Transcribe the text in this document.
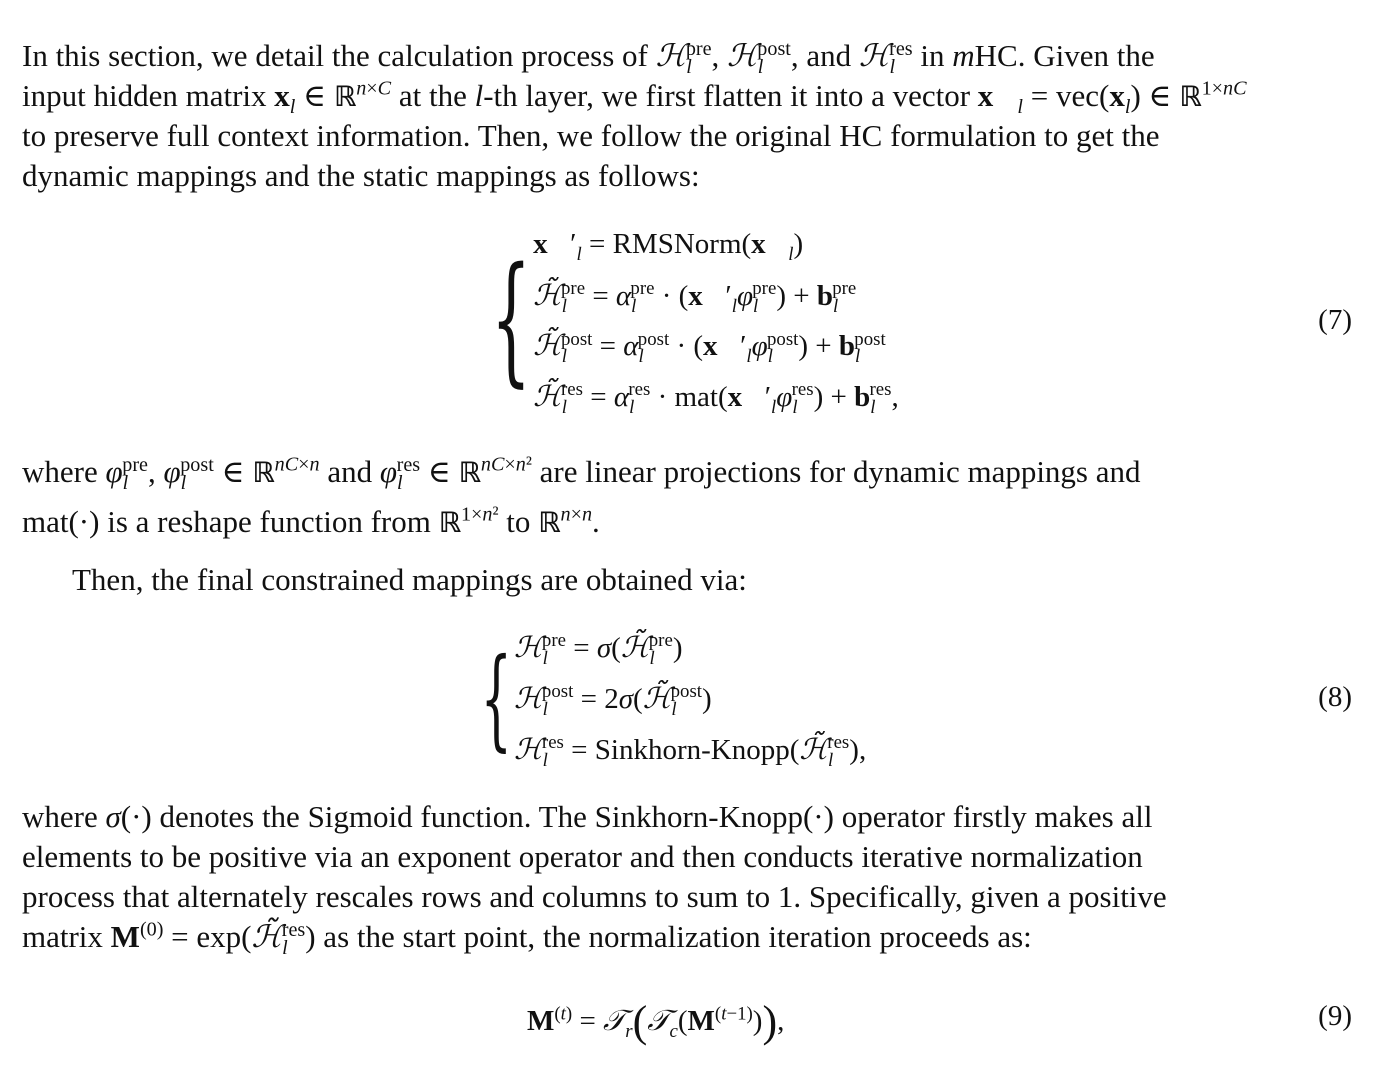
In this section, we detail the calculation process of ℋ$_l^{pre}$, ℋ$_l^{post}$, and ℋ$_l^{res}$ in mHC. Given the
input hidden matrix $x_l$ ∈ ℝ$^{n\times C}$ at the l-th layer, we first flatten it into a vector $x⃗_l = vec(x_l)$ ∈ ℝ$^{1\times nC}$
to preserve full context information. Then, we follow the original HC formulation to get the
dynamic mappings and the static mappings as follows:
{ $x⃗'_l$ = $RMSNorm(x⃗_l)$
$ℋ̃_l^{pre} = \alpha_l^{pre}$ · $(x⃗'_l\varphi_l^{pre}) + b_l^{pre}$
$ℋ̃_l^{post} = \alpha_l^{post}$ · $(x⃗'_l\varphi_l^{post}) + b_l^{post}$
$ℋ̃_l^{res} = \alpha_l^{res}$ · $mat(x⃗'_l\varphi_l^{res}) + b_l^{res}$,
(7)
where $\varphi_l^{pre}$, $\varphi_l^{post}$ ∈ ℝ$^{nC\times n}$ and $\varphi_l^{res}$ ∈ ℝ$^{nC\times n^2}$ are linear projections for dynamic mappings and
mat(·) is a reshape function from ℝ$^{1\times n^2}$ to ℝ$^{n\times n}$.
Then, the final constrained mappings are obtained via:
{ ℋ$_l^{pre}$ = $\sigma(ℋ̃_l^{pre})$
ℋ$_l^{post}$ = $2\sigma(ℋ̃_l^{post})$
ℋ$_l^{res}$ = Sinkhorn-$Knopp(ℋ̃_l^{res})$,
(8)
where σ(·) denotes the Sigmoid function. The Sinkhorn-Knopp(·) operator firstly makes all
elements to be positive via an exponent operator and then conducts iterative normalization
process that alternately rescales rows and columns to sum to 1. Specifically, given a positive
matrix $M^{(0)}$ = $\exp(ℋ̃_l^{res})$ as the start point, the normalization iteration proceeds as:
$M^{(t)}$ = $𝒯_r(𝒯_c(M^{(t-1)}))$,	(9)
